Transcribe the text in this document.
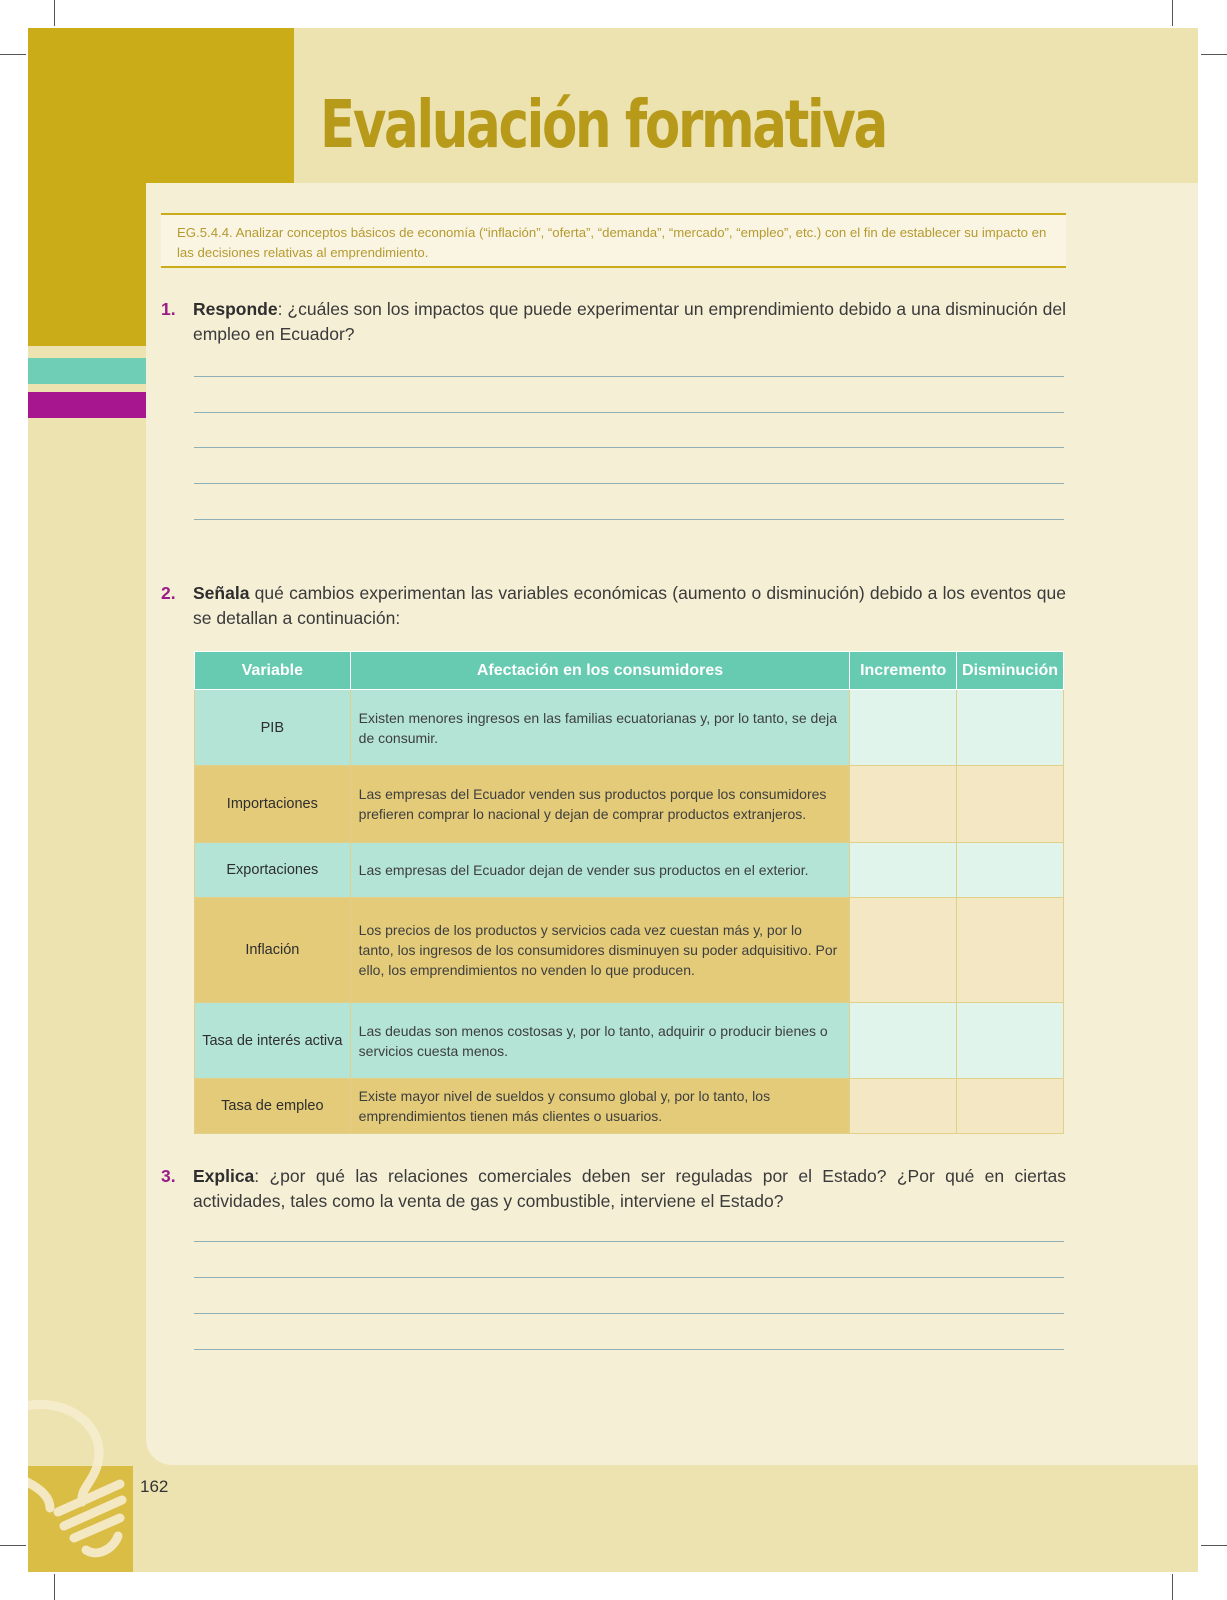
Evaluación formativa
162
EG.5.4.4. Analizar conceptos básicos de economía (“inflación”, “oferta”, “demanda”, “mercado”, “empleo”, etc.) con el fin de establecer su impacto en las decisiones relativas al emprendimiento.
1. Responde: ¿cuáles son los impactos que puede experimentar un emprendimiento debido a una disminución del empleo en Ecuador?
2. Señala qué cambios experimentan las variables económicas (aumento o disminución) debido a los eventos que se detallan a continuación:
Variable	Afectación en los consumidores	Incremento	Disminución
PIB	Existen menores ingresos en las familias ecuatorianas y, por lo tanto, se deja de consumir.		
Importaciones	Las empresas del Ecuador venden sus productos porque los consumidores prefieren comprar lo nacional y dejan de comprar productos extranjeros.		
Exportaciones	Las empresas del Ecuador dejan de vender sus productos en el exterior.		
Inflación	Los precios de los productos y servicios cada vez cuestan más y, por lo tanto, los ingresos de los consumidores disminuyen su poder adquisitivo. Por ello, los emprendimientos no venden lo que producen.		
Tasa de interés activa	Las deudas son menos costosas y, por lo tanto, adquirir o producir bienes o servicios cuesta menos.		
Tasa de empleo	Existe mayor nivel de sueldos y consumo global y, por lo tanto, los emprendimientos tienen más clientes o usuarios.		
3. Explica: ¿por qué las relaciones comerciales deben ser reguladas por el Estado? ¿Por qué en ciertas actividades, tales como la venta de gas y combustible, interviene el Estado?
